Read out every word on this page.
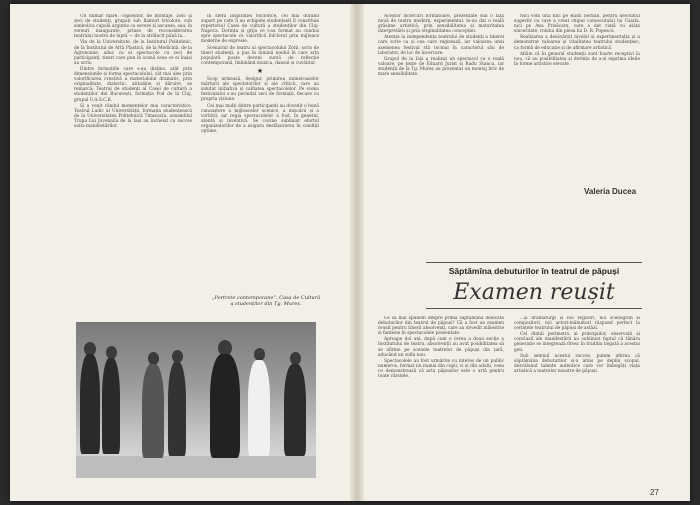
Un număr mare, copleșitor, de montaje. Zeci și zeci de studenți, grupați sub flamuri tricolore, sub simbolica cupolă argintie ca severe și ascunse, sau, în versuri inaugurate, prinse de reconsiderarea teatrului nostru de luptă — de la strălucit până la...

Vin de la Universitate, de la Institutul Politehnic, de la Institutul de Artă Plastică, de la Medicină, de la Agronomie, aduc cu ei spectacole cu zeci de participanți, tineri care pun în scenă ceea ce ei înșiși au scris.

Dintre formațiile care s-au distins, atât prin dimensiunile și forma spectacolului, cât mai ales prin valorificarea creativă a materialului dramatic, prin originalitate, dialectic, atitudine și dăruire, se remarcă: Teatrul de studenți al Casei de cultură a studenților din București, formația Pod de la Cluj, grupul U.A.S.C.R.

Și a venit rândul momentelor mai caracteristice. Teatrul Ludic al Universității, formația studențească de la Universitatea Politehnică Timișoara, ansamblul Trupa Lui Juvenalia de la Iași au încheiat cu succes suita manifestărilor.

În sfera inspirației folclorice, cel mai durabil suport pe care îl au echipele studențești îl constituie repertoriul Casei de cultură a studenților din Cluj-Napoca. Dorința și grija ce l-au format au condus spre spectacole ce valorifică folclorul prin mijloace moderne de expresie.

Scenariul de teatru al spectacolului Zorii, scris de tineri studenți, a pus în lumină modul în care arta populară poate deveni sursă de reflecție contemporană, îmbinând muzica, dansul și cuvântul.

★

Scop urmează, desigur, primirea numeroaselor mărturii ale spectatorilor și ale criticii, care au salutat inițiativa și calitatea spectacolelor. Pe scena festivalului s-au perindat zeci de formații, fiecare cu propria viziune.

Cei mai mulți dintre participanți au dovedit o bună cunoaștere a mijloacelor scenice, a mișcării și a vorbirii, iar regia spectacolelor a fost, în general, atentă și inventivă. Se cuvine subliniat efortul organizatorilor de a asigura desfășurarea în condiții optime.

„Portrete contemporane”. Casa de Cultură a studenților din Tg. Mureș.

Aceștor încercări formatoare, prezentate sub o față nouă de teatru modern, experimentul, le-au dat o reală grăsime artistică, prin sensibilitatea și maturitatea interpretării și prin originalitatea concepției.

Atenție la independența teatrului de studenți a tinerei care scrie ca și cea care regizează, iar valoarea unui asemenea festival stă tocmai în caracterul său de laborator, de loc de încercare.

Grupul de la Iași a realizat un spectacol cu o reală valoare, pe texte de Eduard Jurist și Radu Stanca, iar studenții de la Tg. Mureș au prezentat un montaj liric de mare sensibilitate.

Nici vom uita nici pe Radu Șerban, pentru devotatul sugestiv cu care a creat chipul cunoscutului lui Caiafa, nici pe Ana Prisăcaru, care a dat viață cu atâta sinceritate, rolului din piesa lui D. R. Popescu.

Realizarea a desăvârșit nivelul și experimentația și a demonstrat valoarea și vitalitatea teatrului studențesc, ca formă de educație și de afirmare artistică.

Aflăm că în general studenții sunt foarte receptivi la nou, că au posibilitatea și dorința de a-și exprima ideile în forme artistice elevate.

Valeria Ducea
Săptămîna debuturilor în teatrul de păpuși
Examen reușit

Ce să mai spunem despre prima săptămână dedicată debuturilor din teatrul de păpuși? Că a fost un examen reușit pentru tinerii absolvenți, care au dovedit măiestrie și fantezie în spectacolele prezentate.

Aproape doi ani, după cum o cerea a doua secție a Institutului de teatru, absolvenții au avut posibilitatea să se afirme pe scenele teatrelor de păpuși din țară, aducând un suflu nou.

Spectacolele au fost urmărite cu interes de un public numeros, format nu numai din copii, ci și din adulți, ceea ce demonstrează că arta păpușilor este o artă pentru toate vârstele.

...și dramaturgi și noi regizori, noi scenografi și compozitori, noi actori-mânuitori răspund perfect la cerințele teatrului de păpuși de astăzi.

Cel dintâi perimetru al principiilor, observații și concluzii ale manifestării au subliniat faptul că tânăra generație se integrează firesc în tradiția bogată a acestui gen.

Sub semnul acestui succes, putem afirma că săptămâna debuturilor și-a atins pe deplin scopul, dezvăluind talente autentice care vor îmbogăți viața artistică a teatrelor noastre de păpuși.

27
